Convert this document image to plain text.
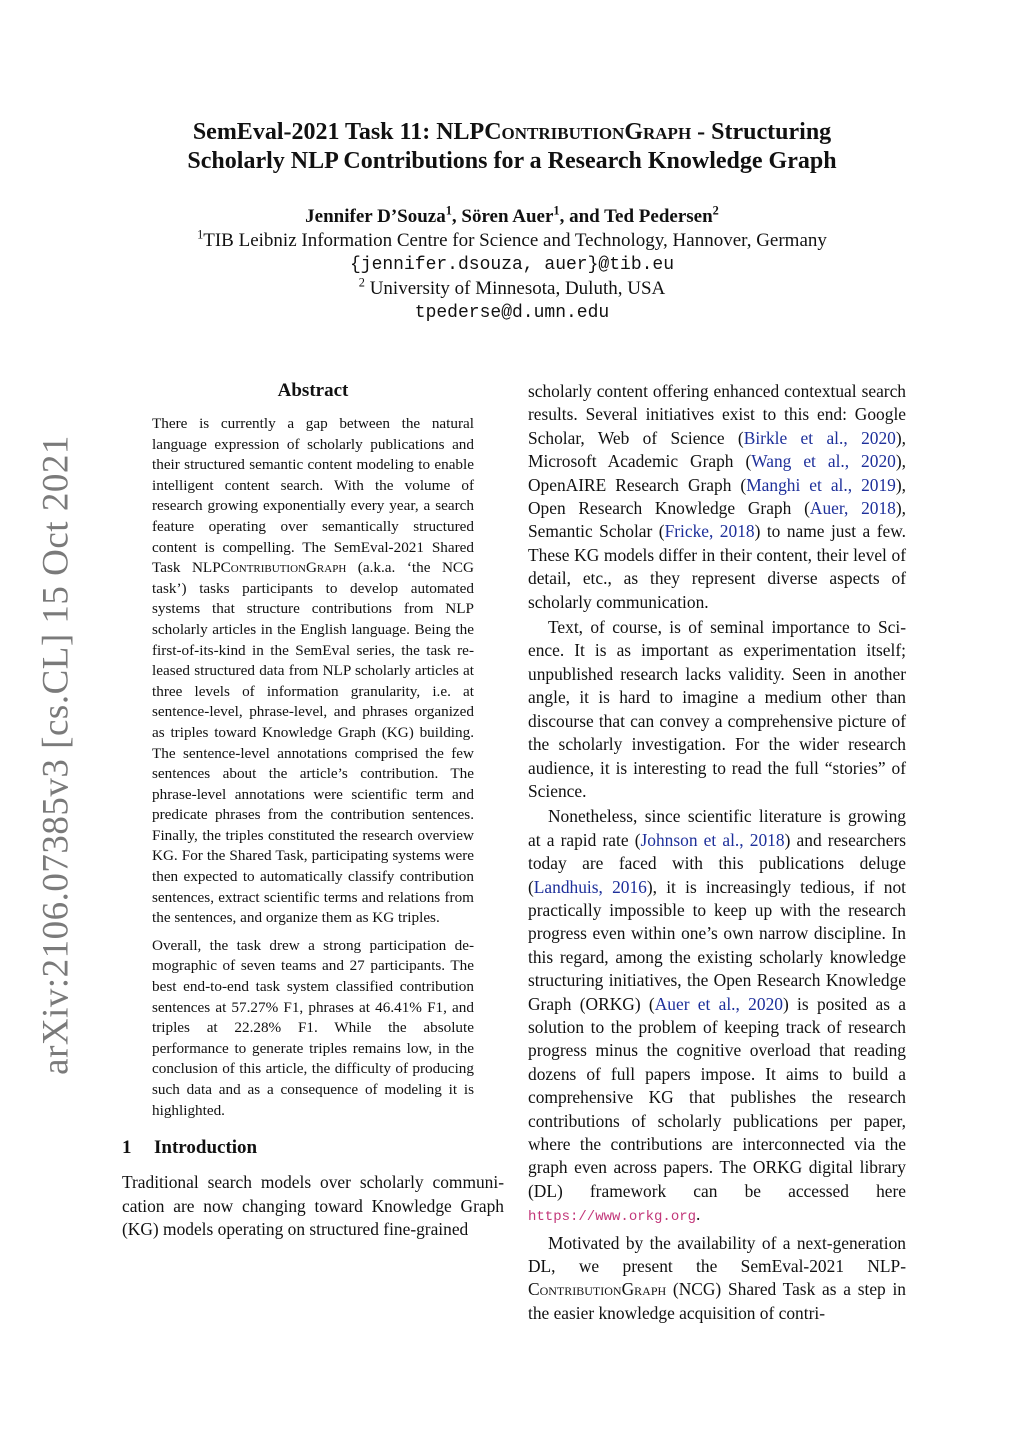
arXiv:2106.07385v3 [cs.CL] 15 Oct 2021
SemEval-2021 Task 11: NLPContributionGraph - Structuring
Scholarly NLP Contributions for a Research Knowledge Graph
Jennifer D’Souza$^1$, Sören Auer$^1$, and Ted Pedersen$^2$
$^1$TIB Leibniz Information Centre for Science and Technology, Hannover, Germany
{jennifer.dsouza, auer}@tib.eu
$^2$ University of Minnesota, Duluth, USA
tpederse@d.umn.edu
Abstract

There is currently a gap between the natural language expression of scholarly publications and their structured semantic content modeling to enable intelligent content search. With the volume of research growing exponentially every year, a search feature operating over semantically structured content is compelling. The SemEval-2021 Shared Task NLPContributionGraph (a.k.a. ‘the NCG task’) tasks participants to develop automated systems that structure contributions from NLP scholarly articles in the English language. Being the first-of-its-kind in the SemEval series, the task released structured data from NLP scholarly articles at three levels of information granularity, i.e. at sentence-level, phrase-level, and phrases organized as triples toward Knowledge Graph (KG) building. The sentence-level annotations comprised the few sentences about the article’s contribution. The phrase-level annotations were scientific term and predicate phrases from the contribution sentences. Finally, the triples constituted the research overview KG. For the Shared Task, participating systems were then expected to automatically classify contribution sentences, extract scientific terms and relations from the sentences, and organize them as KG triples.

Overall, the task drew a strong participation demographic of seven teams and 27 participants. The best end-to-end task system classified contribution sentences at 57.27% F1, phrases at 46.41% F1, and triples at 22.28% F1. While the absolute performance to generate triples remains low, in the conclusion of this article, the difficulty of producing such data and as a consequence of modeling it is highlighted.

1 Introduction

Traditional search models over scholarly communication are now changing toward Knowledge Graph (KG) models operating on structured fine-grained

scholarly content offering enhanced contextual search results. Several initiatives exist to this end: Google Scholar, Web of Science (Birkle et al., 2020), Microsoft Academic Graph (Wang et al., 2020), OpenAIRE Research Graph (Manghi et al., 2019), Open Research Knowledge Graph (Auer, 2018), Semantic Scholar (Fricke, 2018) to name just a few. These KG models differ in their content, their level of detail, etc., as they represent diverse aspects of scholarly communication.

Text, of course, is of seminal importance to Science. It is as important as experimentation itself; unpublished research lacks validity. Seen in another angle, it is hard to imagine a medium other than discourse that can convey a comprehensive picture of the scholarly investigation. For the wider research audience, it is interesting to read the full “stories” of Science.

Nonetheless, since scientific literature is growing at a rapid rate (Johnson et al., 2018) and researchers today are faced with this publications deluge (Landhuis, 2016), it is increasingly tedious, if not practically impossible to keep up with the research progress even within one’s own narrow discipline. In this regard, among the existing scholarly knowledge structuring initiatives, the Open Research Knowledge Graph (ORKG) (Auer et al., 2020) is posited as a solution to the problem of keeping track of research progress minus the cognitive overload that reading dozens of full papers impose. It aims to build a comprehensive KG that publishes the research contributions of scholarly publications per paper, where the contributions are interconnected via the graph even across papers. The ORKG digital library (DL) framework can be accessed here https://www.orkg.org.

Motivated by the availability of a next-generation DL, we present the SemEval-2021 NLP-ContributionGraph (NCG) Shared Task as a step in the easier knowledge acquisition of contri-
